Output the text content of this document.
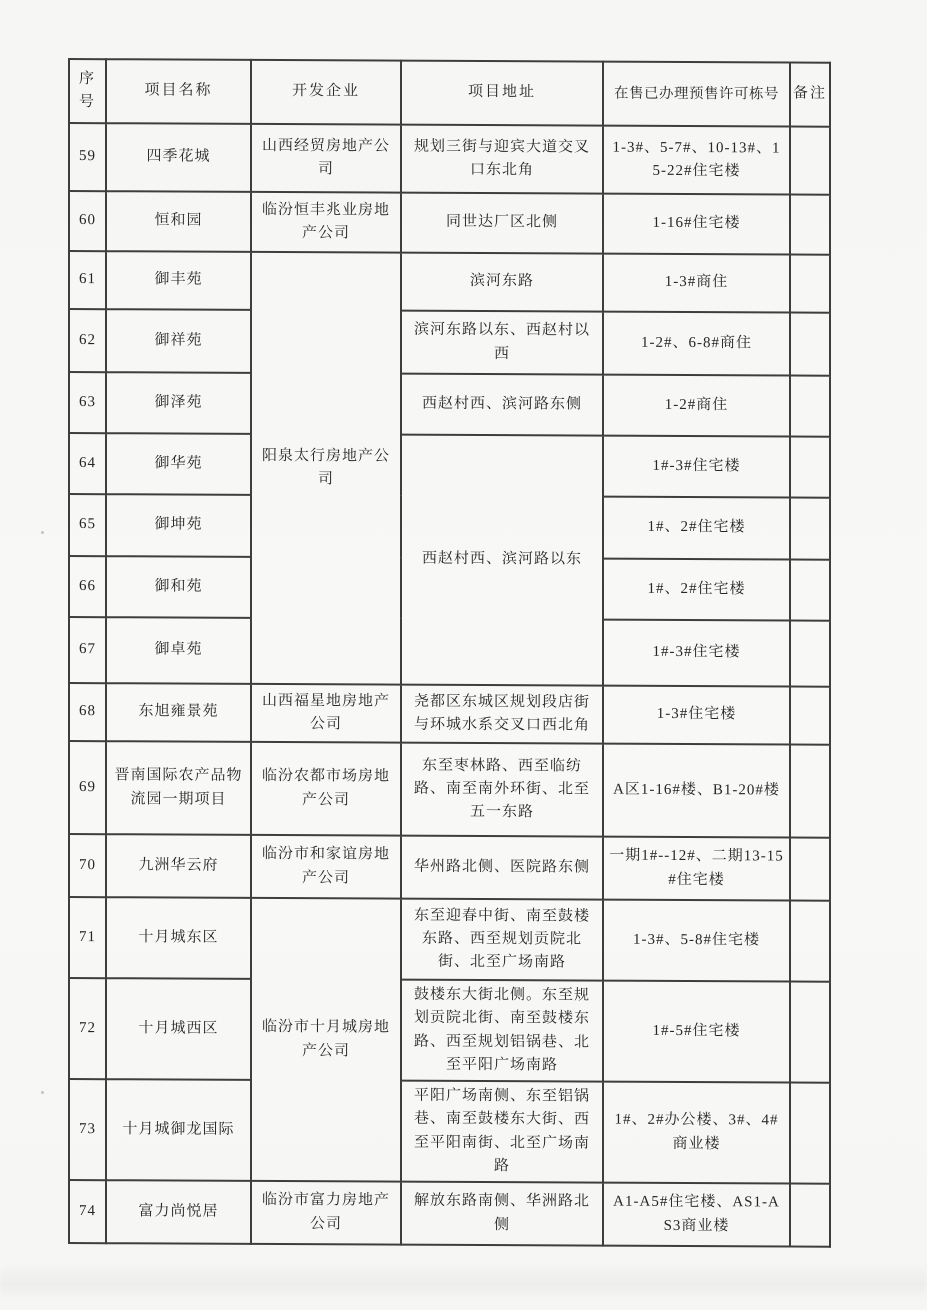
序号	项目名称	开发企业	项目地址	在售已办理预售许可栋号	备注
59	四季花城	山西经贸房地产公司	规划三街与迎宾大道交叉口东北角	1-3#、5-7#、10-13#、15-22#住宅楼	
60	恒和园	临汾恒丰兆业房地产公司	同世达厂区北侧	1-16#住宅楼	
61	御丰苑	阳泉太行房地产公司	滨河东路	1-3#商住	
62	御祥苑		滨河东路以东、西赵村以西	1-2#、6-8#商住	
63	御泽苑		西赵村西、滨河路东侧	1-2#商住	
64	御华苑		西赵村西、滨河路以东	1#-3#住宅楼	
65	御坤苑			1#、2#住宅楼	
66	御和苑			1#、2#住宅楼	
67	御卓苑			1#-3#住宅楼	
68	东旭雍景苑	山西福星地房地产公司	尧都区东城区规划段店街与环城水系交叉口西北角	1-3#住宅楼	
69	晋南国际农产品物流园一期项目	临汾农都市场房地产公司	东至枣林路、西至临纺路、南至南外环街、北至五一东路	A区1-16#楼、B1-20#楼	
70	九洲华云府	临汾市和家谊房地产公司	华州路北侧、医院路东侧	一期1#--12#、二期13-15#住宅楼	
71	十月城东区	临汾市十月城房地产公司	东至迎春中街、南至鼓楼东路、西至规划贡院北街、北至广场南路	1-3#、5-8#住宅楼	
72	十月城西区		鼓楼东大街北侧。东至规划贡院北街、南至鼓楼东路、西至规划铝锅巷、北至平阳广场南路	1#-5#住宅楼	
73	十月城御龙国际		平阳广场南侧、东至铝锅巷、南至鼓楼东大街、西至平阳南街、北至广场南路	1#、2#办公楼、3#、4#商业楼	
74	富力尚悦居	临汾市富力房地产公司	解放东路南侧、华洲路北侧	A1-A5#住宅楼、AS1-AS3商业楼	
